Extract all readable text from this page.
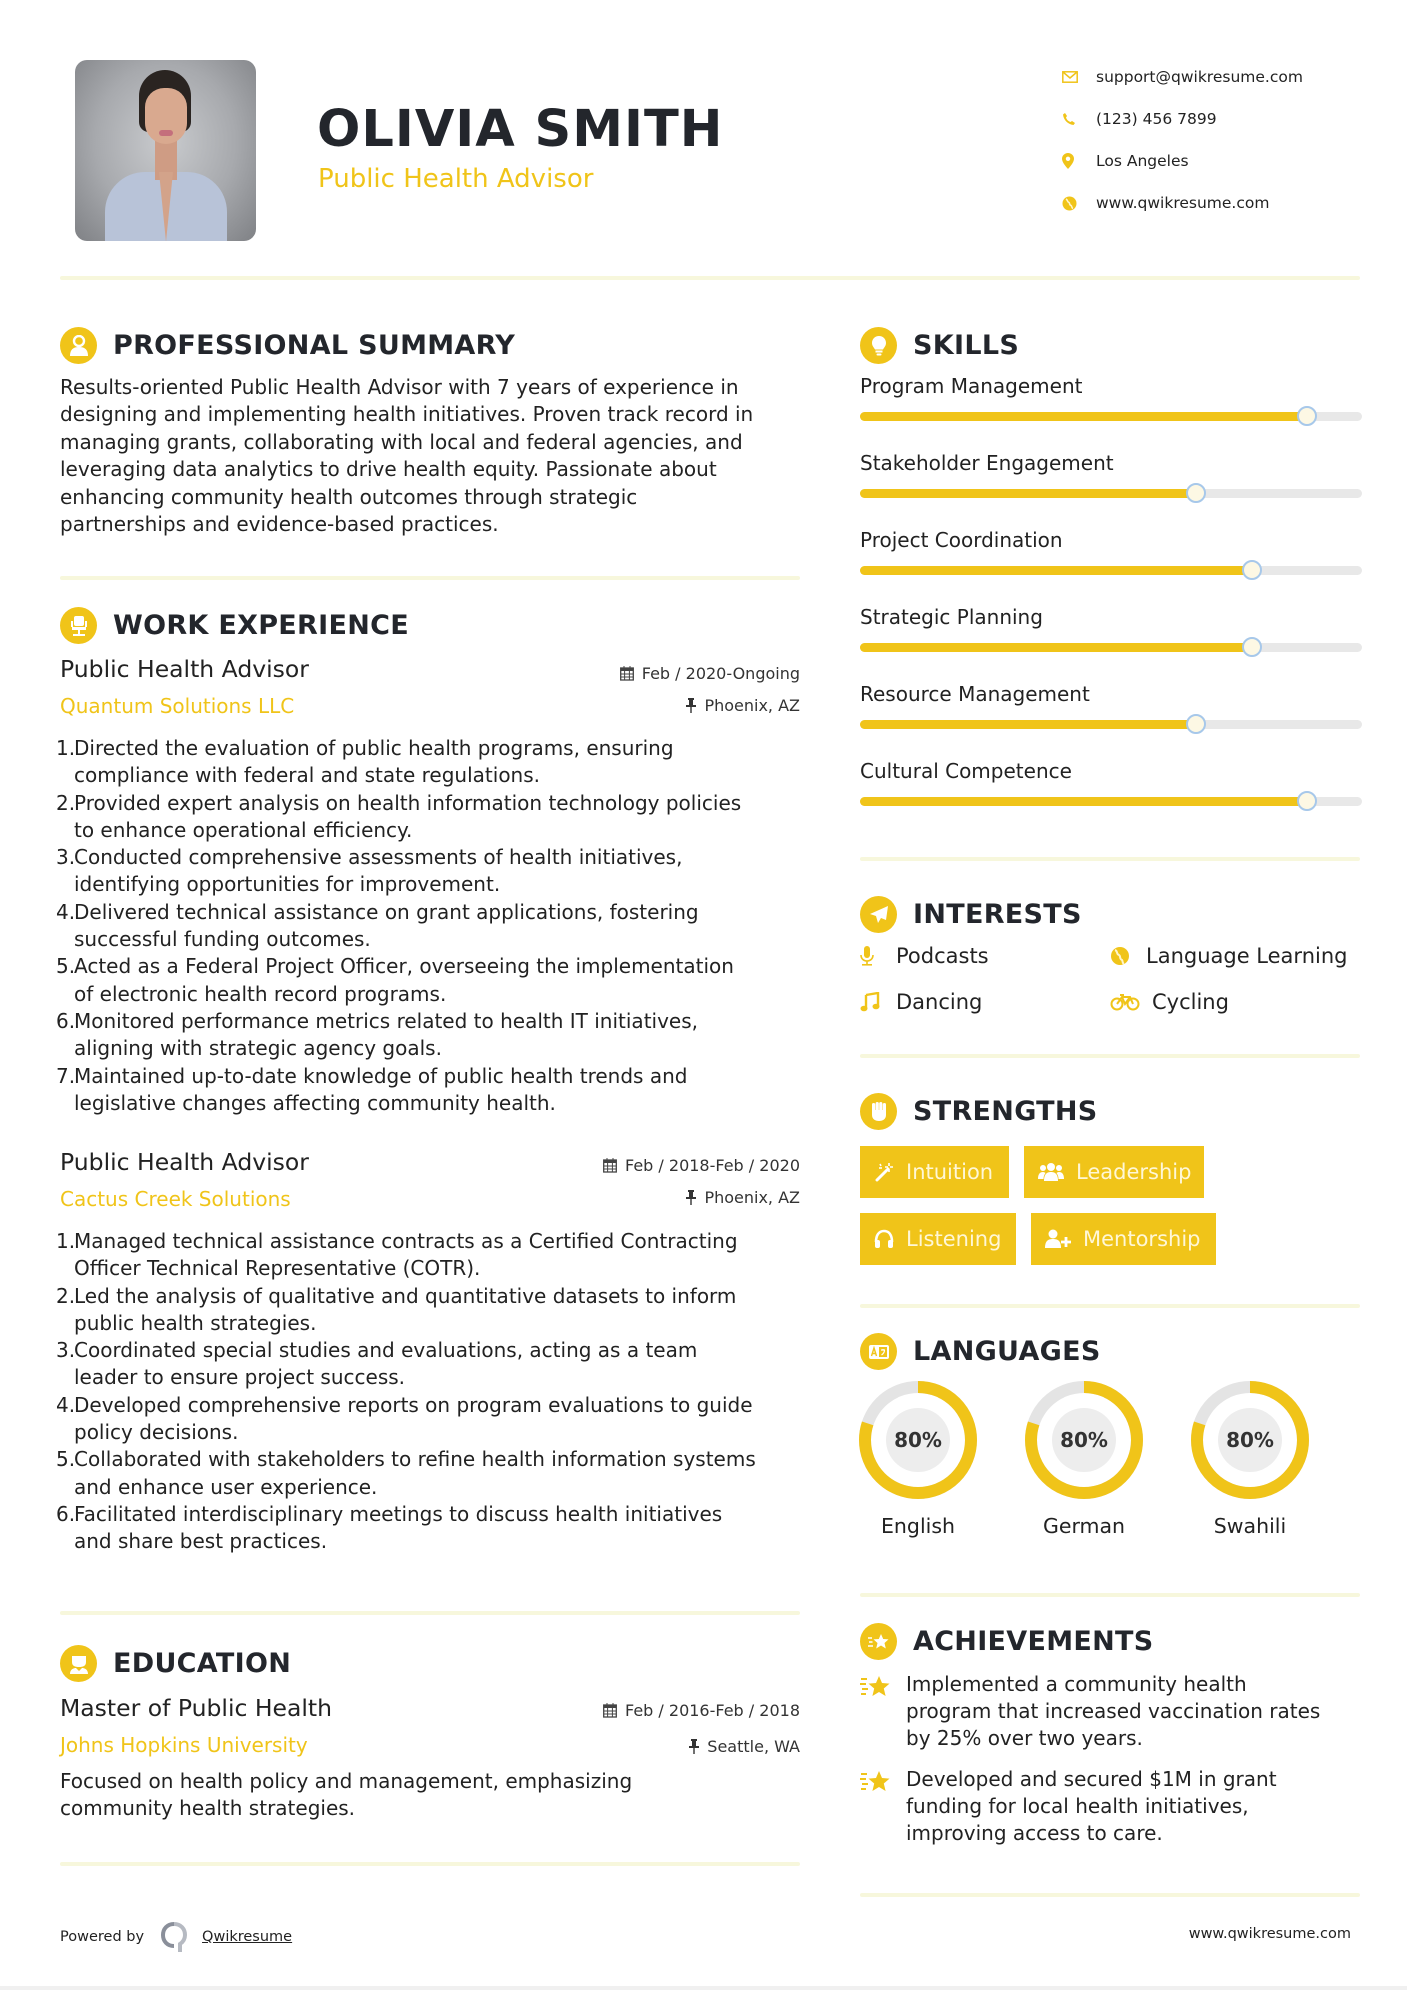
OLIVIA SMITH
Public Health Advisor
support@qwikresume.com
(123) 456 7899
Los Angeles
www.qwikresume.com
PROFESSIONAL SUMMARY
Results-oriented Public Health Advisor with 7 years of experience in
designing and implementing health initiatives. Proven track record in
managing grants, collaborating with local and federal agencies, and
leveraging data analytics to drive health equity. Passionate about
enhancing community health outcomes through strategic
partnerships and evidence-based practices.
WORK EXPERIENCE
Public Health Advisor
Quantum Solutions LLC
Feb / 2020-Ongoing
Phoenix, AZ
1.
Directed the evaluation of public health programs, ensuring
compliance with federal and state regulations.
2.
Provided expert analysis on health information technology policies
to enhance operational efficiency.
3.
Conducted comprehensive assessments of health initiatives,
identifying opportunities for improvement.
4.
Delivered technical assistance on grant applications, fostering
successful funding outcomes.
5.
Acted as a Federal Project Officer, overseeing the implementation
of electronic health record programs.
6.
Monitored performance metrics related to health IT initiatives,
aligning with strategic agency goals.
7.
Maintained up-to-date knowledge of public health trends and
legislative changes affecting community health.
Public Health Advisor
Cactus Creek Solutions
Feb / 2018-Feb / 2020
Phoenix, AZ
1.
Managed technical assistance contracts as a Certified Contracting
Officer Technical Representative (COTR).
2.
Led the analysis of qualitative and quantitative datasets to inform
public health strategies.
3.
Coordinated special studies and evaluations, acting as a team
leader to ensure project success.
4.
Developed comprehensive reports on program evaluations to guide
policy decisions.
5.
Collaborated with stakeholders to refine health information systems
and enhance user experience.
6.
Facilitated interdisciplinary meetings to discuss health initiatives
and share best practices.
EDUCATION
Master of Public Health
Johns Hopkins University
Feb / 2016-Feb / 2018
Seattle, WA
Focused on health policy and management, emphasizing
community health strategies.
SKILLS
Program Management
Stakeholder Engagement
Project Coordination
Strategic Planning
Resource Management
Cultural Competence
INTERESTS
Podcasts	Language Learning
Dancing	Cycling
STRENGTHS
Intuition	Leadership
Listening	Mentorship
LANGUAGES
80%
English
80%
German
80%
Swahili
ACHIEVEMENTS
Implemented a community health
program that increased vaccination rates
by 25% over two years.
Developed and secured $1M in grant
funding for local health initiatives,
improving access to care.
Powered by	Qwikresume	www.qwikresume.com
